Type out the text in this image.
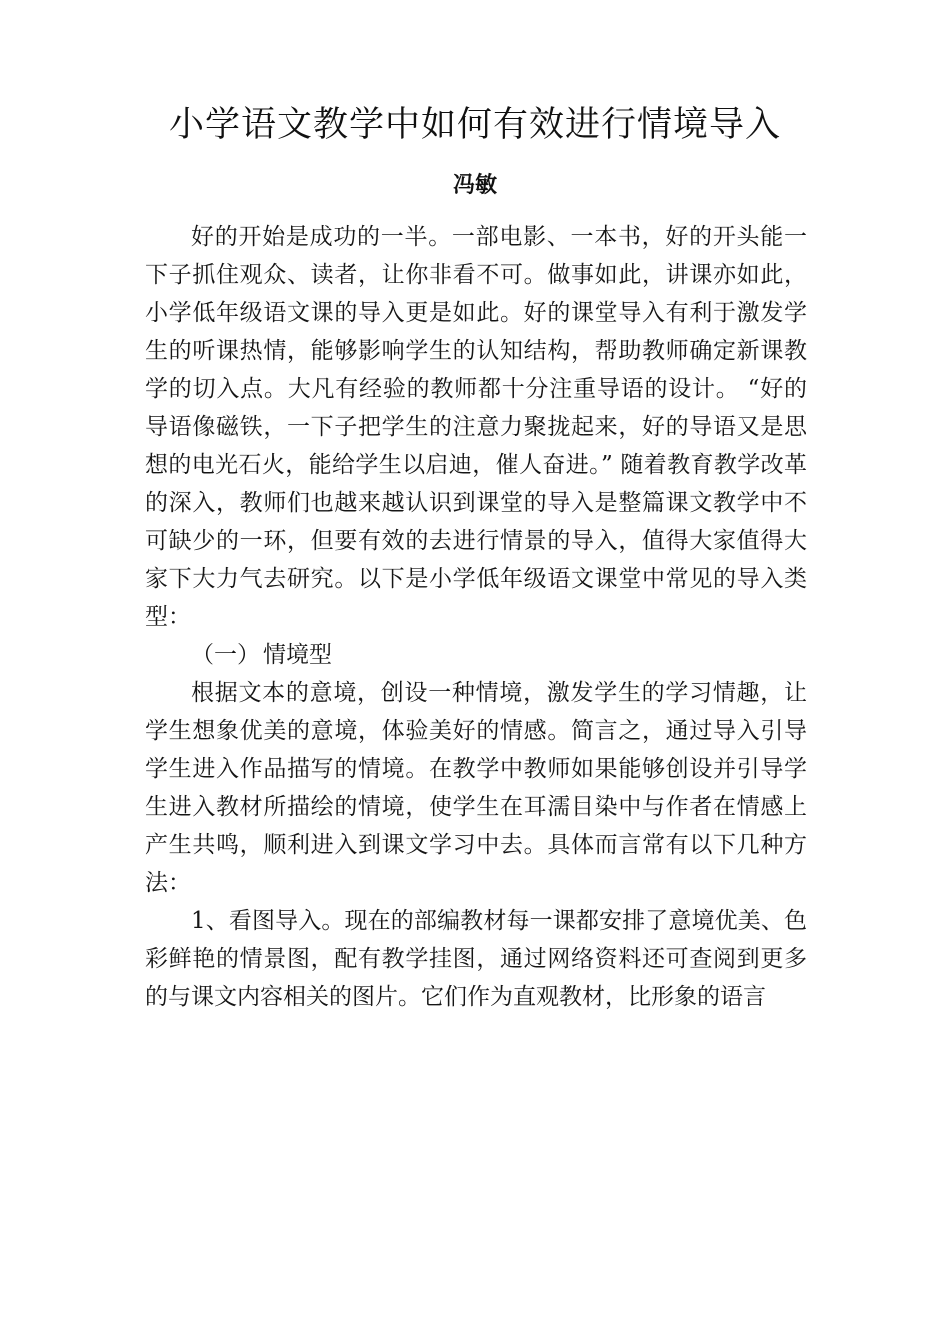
小学语文教学中如何有效进行情境导入
冯敏

好的开始是成功的一半。一部电影、一本书，好的开头能一下子抓住观众、读者，让你非看不可。做事如此，讲课亦如此，小学低年级语文课的导入更是如此。好的课堂导入有利于激发学生的听课热情，能够影响学生的认知结构，帮助教师确定新课教学的切入点。大凡有经验的教师都十分注重导语的设计。 “好的导语像磁铁，一下子把学生的注意力聚拢起来，好的导语又是思想的电光石火，能给学生以启迪，催人奋进。” 随着教育教学改革的深入，教师们也越来越认识到课堂的导入是整篇课文教学中不可缺少的一环，但要有效的去进行情景的导入，值得大家值得大家下大力气去研究。以下是小学低年级语文课堂中常见的导入类型：

（一） 情境型

根据文本的意境，创设一种情境，激发学生的学习情趣，让学生想象优美的意境，体验美好的情感。简言之，通过导入引导学生进入作品描写的情境。在教学中教师如果能够创设并引导学生进入教材所描绘的情境，使学生在耳濡目染中与作者在情感上产生共鸣，顺利进入到课文学习中去。具体而言常有以下几种方法：

1、看图导入。现在的部编教材每一课都安排了意境优美、色彩鲜艳的情景图，配有教学挂图，通过网络资料还可查阅到更多的与课文内容相关的图片。它们作为直观教材，比形象的语言
